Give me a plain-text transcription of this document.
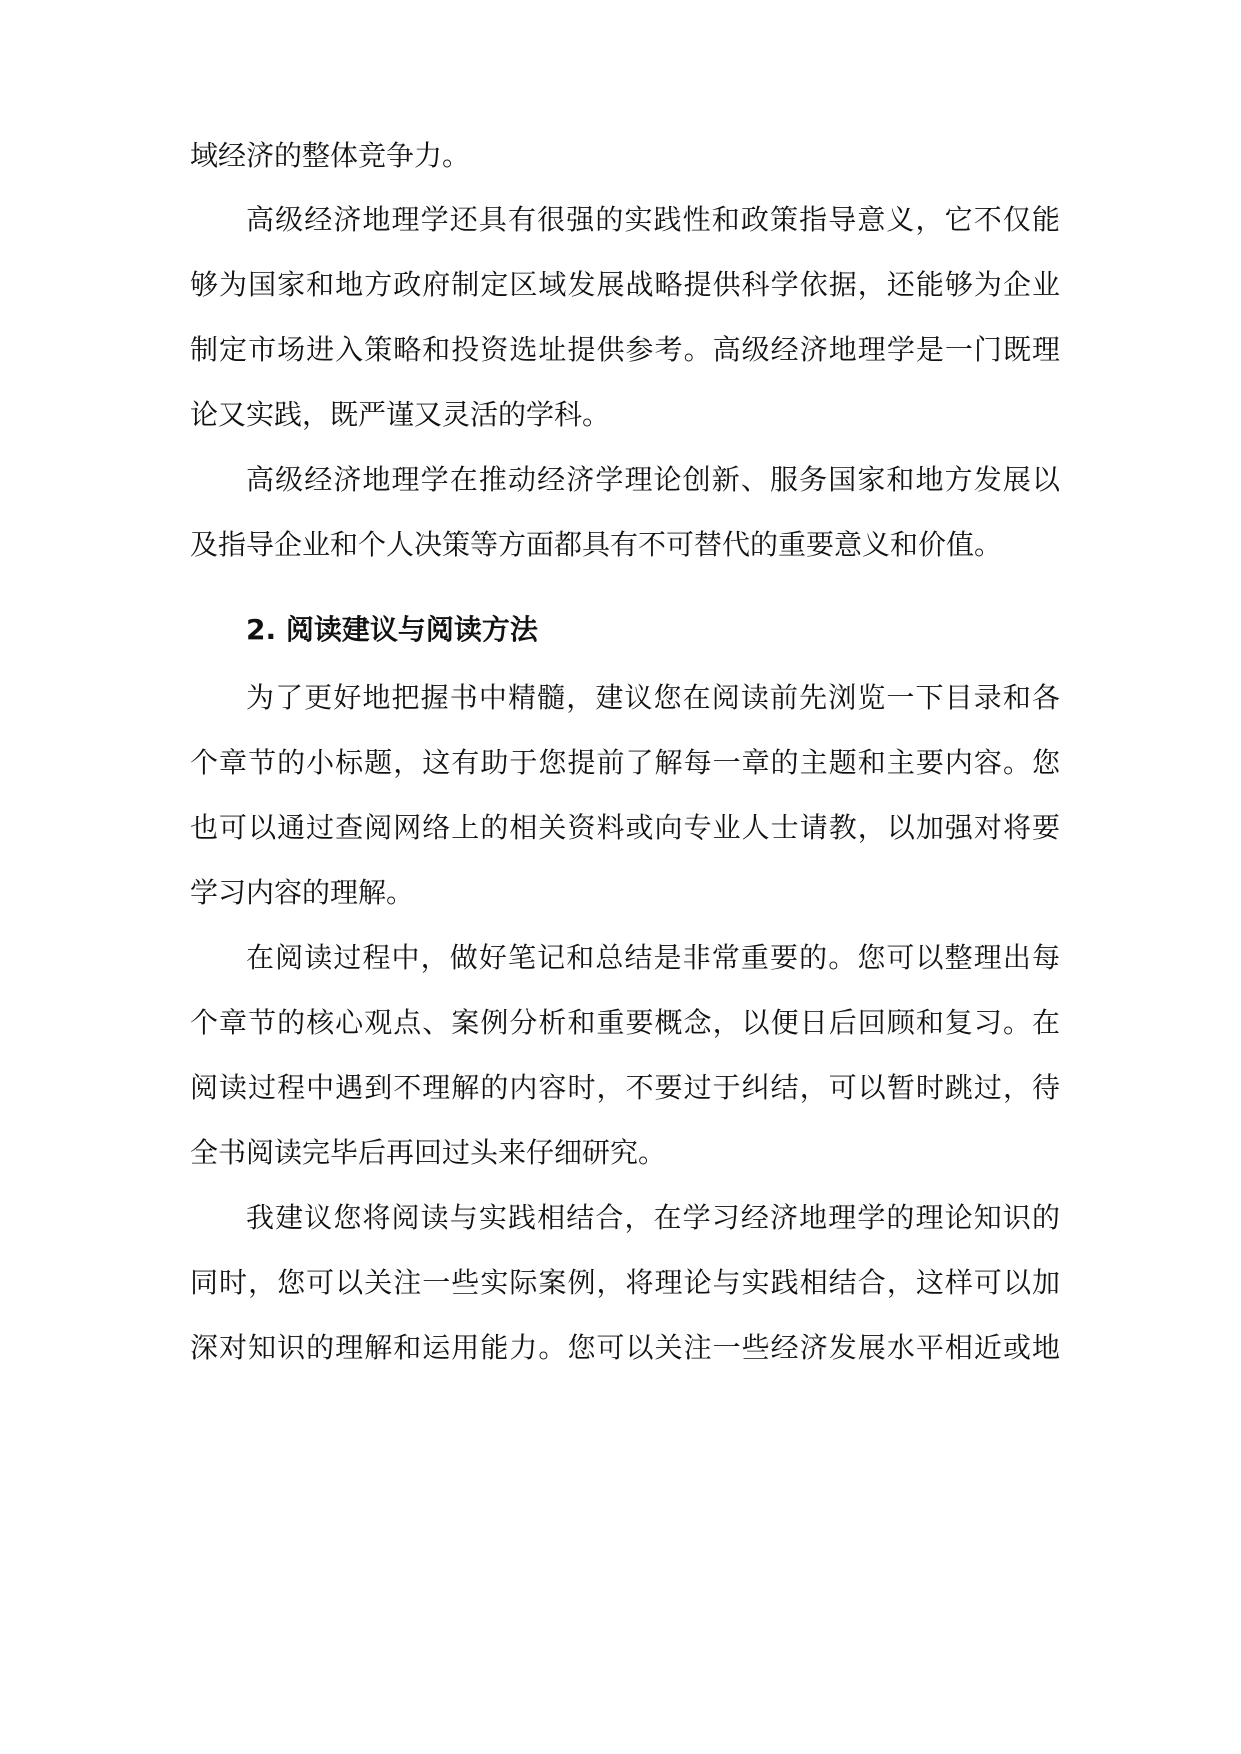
域经济的整体竞争力。
高级经济地理学还具有很强的实践性和政策指导意义，它不仅能
够为国家和地方政府制定区域发展战略提供科学依据，还能够为企业
制定市场进入策略和投资选址提供参考。高级经济地理学是一门既理
论又实践，既严谨又灵活的学科。
高级经济地理学在推动经济学理论创新、服务国家和地方发展以
及指导企业和个人决策等方面都具有不可替代的重要意义和价值。
2. 阅读建议与阅读方法
为了更好地把握书中精髓，建议您在阅读前先浏览一下目录和各
个章节的小标题，这有助于您提前了解每一章的主题和主要内容。您
也可以通过查阅网络上的相关资料或向专业人士请教，以加强对将要
学习内容的理解。
在阅读过程中，做好笔记和总结是非常重要的。您可以整理出每
个章节的核心观点、案例分析和重要概念，以便日后回顾和复习。在
阅读过程中遇到不理解的内容时，不要过于纠结，可以暂时跳过，待
全书阅读完毕后再回过头来仔细研究。
我建议您将阅读与实践相结合，在学习经济地理学的理论知识的
同时，您可以关注一些实际案例，将理论与实践相结合，这样可以加
深对知识的理解和运用能力。您可以关注一些经济发展水平相近或地
